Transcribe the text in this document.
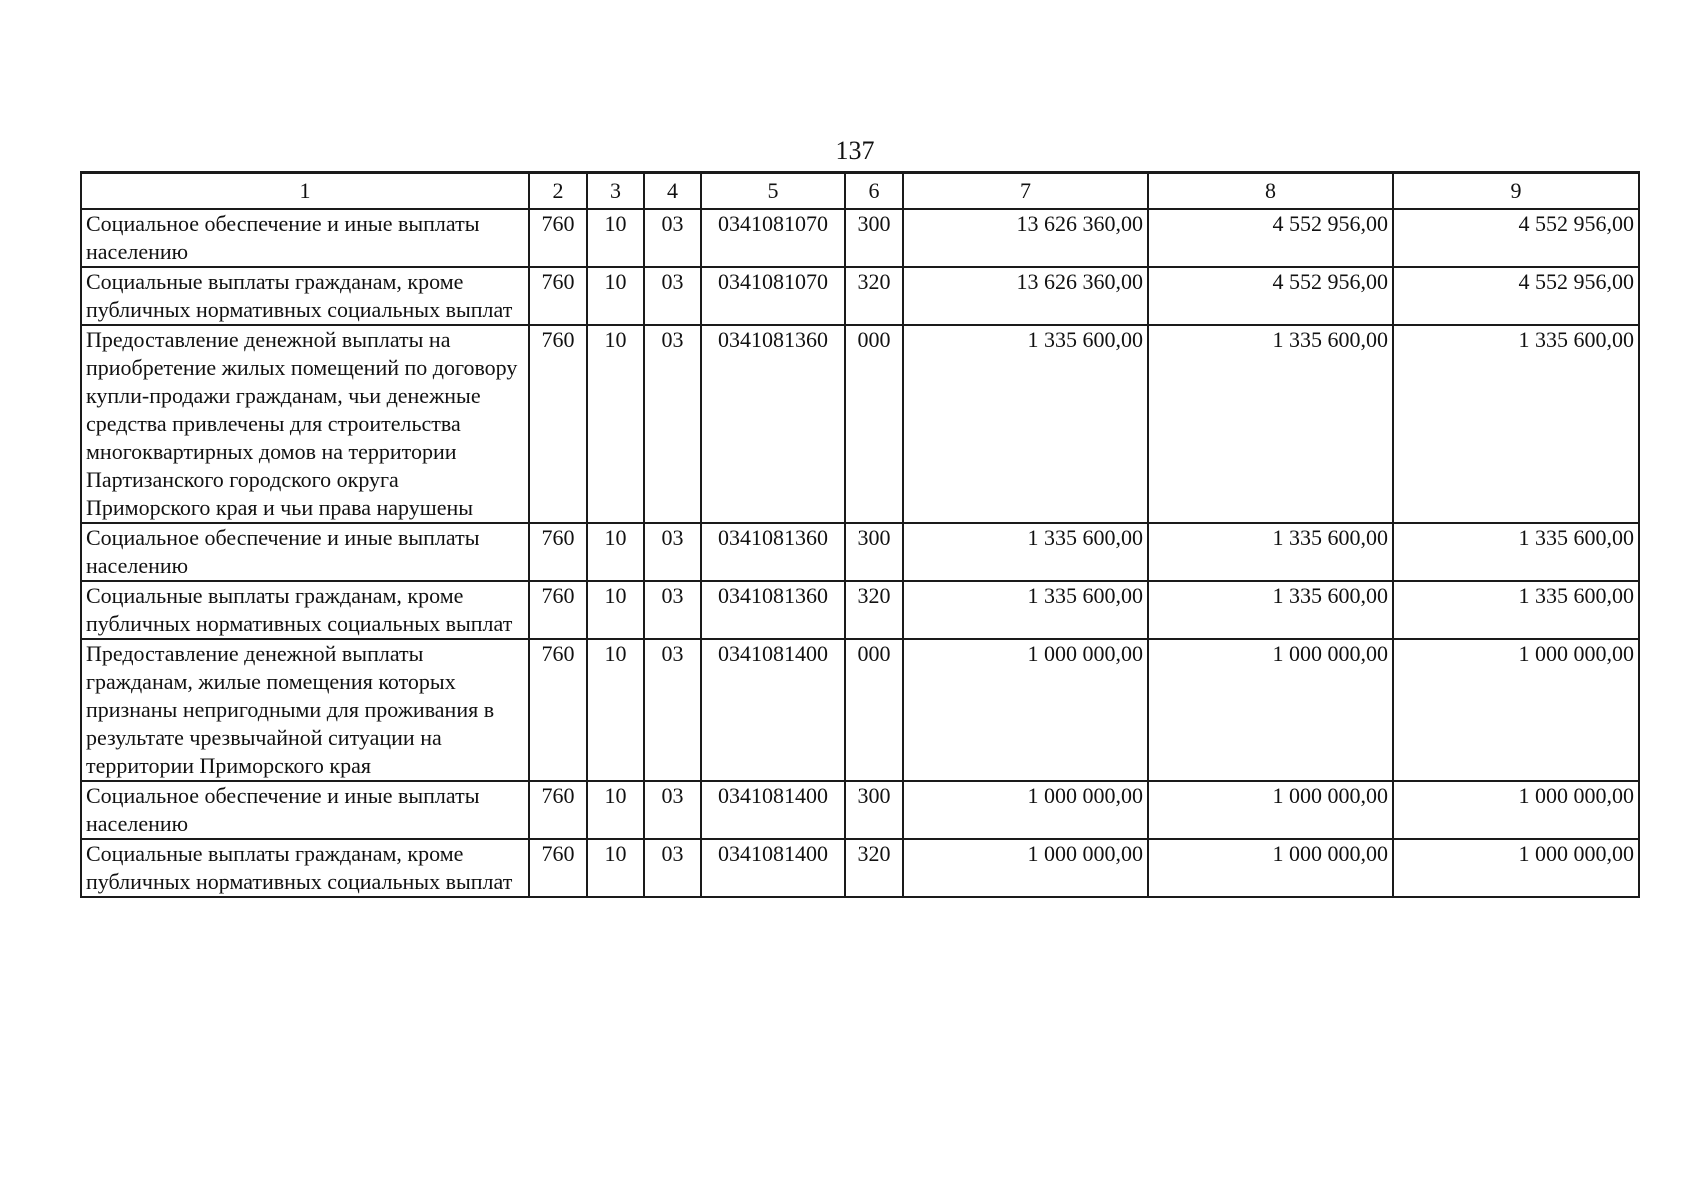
137
1	2	3	4	5	6	7	8	9
Социальное обеспечение и иные выплаты населению	760	10	03	0341081070	300	13 626 360,00	4 552 956,00	4 552 956,00
Социальные выплаты гражданам, кроме публичных нормативных социальных выплат	760	10	03	0341081070	320	13 626 360,00	4 552 956,00	4 552 956,00
Предоставление денежной выплаты на приобретение жилых помещений по договору купли-продажи гражданам, чьи денежные средства привлечены для строительства многоквартирных домов на территории Партизанского городского округа Приморского края и чьи права нарушены	760	10	03	0341081360	000	1 335 600,00	1 335 600,00	1 335 600,00
Социальное обеспечение и иные выплаты населению	760	10	03	0341081360	300	1 335 600,00	1 335 600,00	1 335 600,00
Социальные выплаты гражданам, кроме публичных нормативных социальных выплат	760	10	03	0341081360	320	1 335 600,00	1 335 600,00	1 335 600,00
Предоставление денежной выплаты гражданам, жилые помещения которых признаны непригодными для проживания в результате чрезвычайной ситуации на территории Приморского края	760	10	03	0341081400	000	1 000 000,00	1 000 000,00	1 000 000,00
Социальное обеспечение и иные выплаты населению	760	10	03	0341081400	300	1 000 000,00	1 000 000,00	1 000 000,00
Социальные выплаты гражданам, кроме публичных нормативных социальных выплат	760	10	03	0341081400	320	1 000 000,00	1 000 000,00	1 000 000,00
